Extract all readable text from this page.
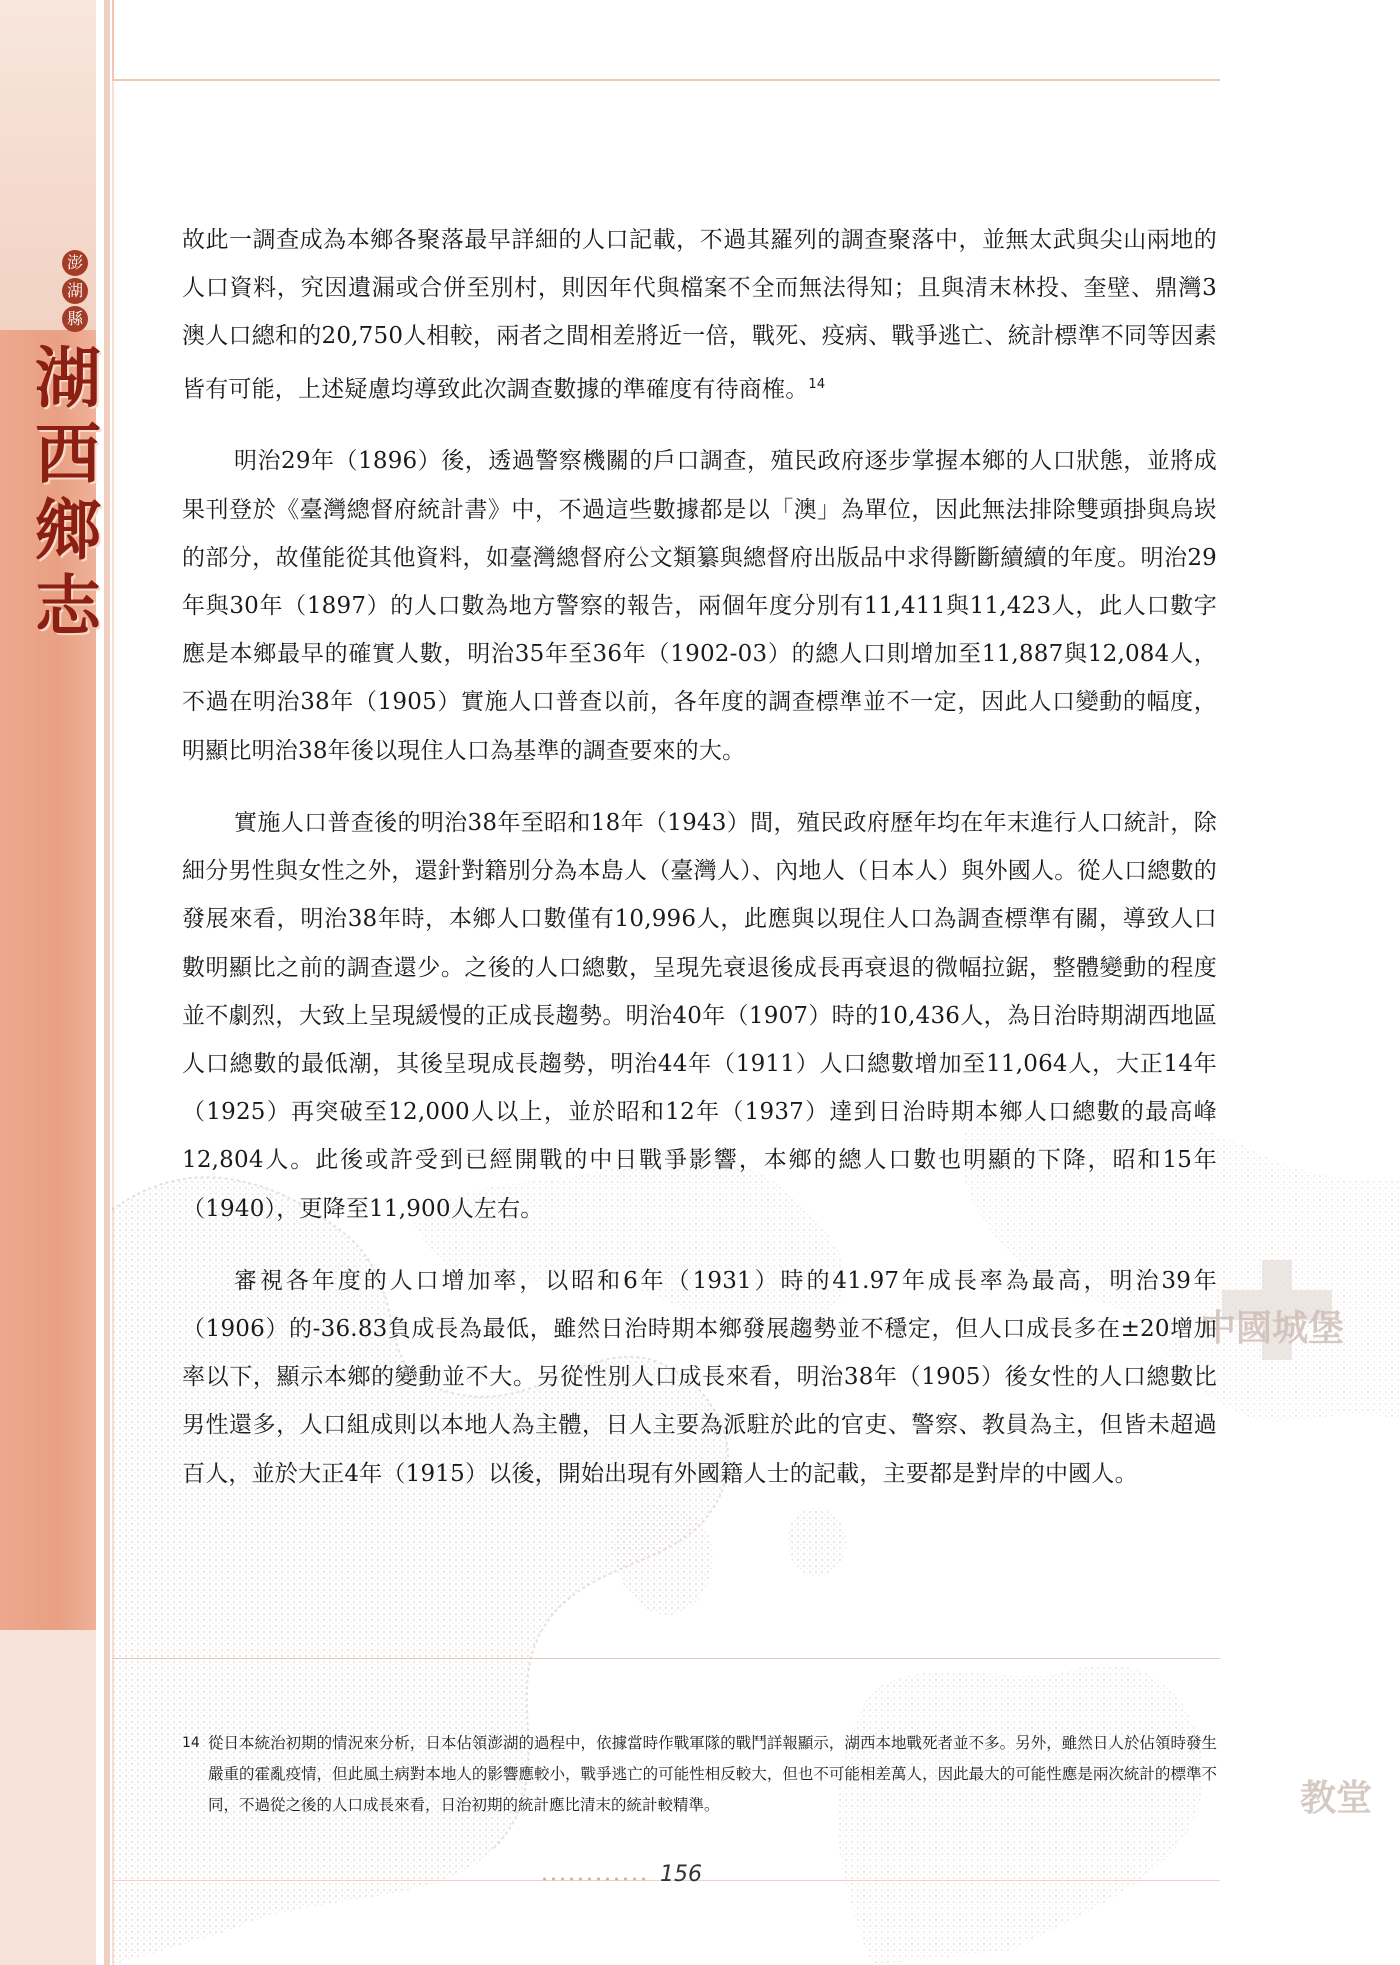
澎
湖
縣
湖
西
鄉
志
中國城堡
教堂

故此一調查成為本鄉各聚落最早詳細的人口記載，不過其羅列的調查聚落中，並無太武與尖山兩地的人口資料，究因遺漏或合併至別村，則因年代與檔案不全而無法得知；且與清末林投、奎壁、鼎灣3澳人口總和的20,750人相較，兩者之間相差將近一倍，戰死、疫病、戰爭逃亡、統計標準不同等因素皆有可能，上述疑慮均導致此次調查數據的準確度有待商榷。$^{14}$

明治29年（1896）後，透過警察機關的戶口調查，殖民政府逐步掌握本鄉的人口狀態，並將成果刊登於《臺灣總督府統計書》中，不過這些數據都是以「澳」為單位，因此無法排除雙頭掛與烏崁的部分，故僅能從其他資料，如臺灣總督府公文類纂與總督府出版品中求得斷斷續續的年度。明治29年與30年（1897）的人口數為地方警察的報告，兩個年度分別有11,411與11,423人，此人口數字應是本鄉最早的確實人數，明治35年至36年（1902-03）的總人口則增加至11,887與12,084人，不過在明治38年（1905）實施人口普查以前，各年度的調查標準並不一定，因此人口變動的幅度，明顯比明治38年後以現住人口為基準的調查要來的大。

實施人口普查後的明治38年至昭和18年（1943）間，殖民政府歷年均在年末進行人口統計，除細分男性與女性之外，還針對籍別分為本島人（臺灣人）、內地人（日本人）與外國人。從人口總數的發展來看，明治38年時，本鄉人口數僅有10,996人，此應與以現住人口為調查標準有關，導致人口數明顯比之前的調查還少。之後的人口總數，呈現先衰退後成長再衰退的微幅拉鋸，整體變動的程度並不劇烈，大致上呈現緩慢的正成長趨勢。明治40年（1907）時的10,436人，為日治時期湖西地區人口總數的最低潮，其後呈現成長趨勢，明治44年（1911）人口總數增加至11,064人，大正14年（1925）再突破至12,000人以上，並於昭和12年（1937）達到日治時期本鄉人口總數的最高峰12,804人。此後或許受到已經開戰的中日戰爭影響，本鄉的總人口數也明顯的下降，昭和15年（1940），更降至11,900人左右。

審視各年度的人口增加率，以昭和6年（1931）時的41.97年成長率為最高，明治39年（1906）的-36.83負成長為最低，雖然日治時期本鄉發展趨勢並不穩定，但人口成長多在±20增加率以下，顯示本鄉的變動並不大。另從性別人口成長來看，明治38年（1905）後女性的人口總數比男性還多，人口組成則以本地人為主體，日人主要為派駐於此的官吏、警察、教員為主，但皆未超過百人，並於大正4年（1915）以後，開始出現有外國籍人士的記載，主要都是對岸的中國人。

14 從日本統治初期的情況來分析，日本佔領澎湖的過程中，依據當時作戰軍隊的戰鬥詳報顯示，湖西本地戰死者並不多。另外，雖然日人於佔領時發生嚴重的霍亂疫情，但此風土病對本地人的影響應較小，戰爭逃亡的可能性相反較大，但也不可能相差萬人，因此最大的可能性應是兩次統計的標準不同，不過從之後的人口成長來看，日治初期的統計應比清末的統計較精準。
156
